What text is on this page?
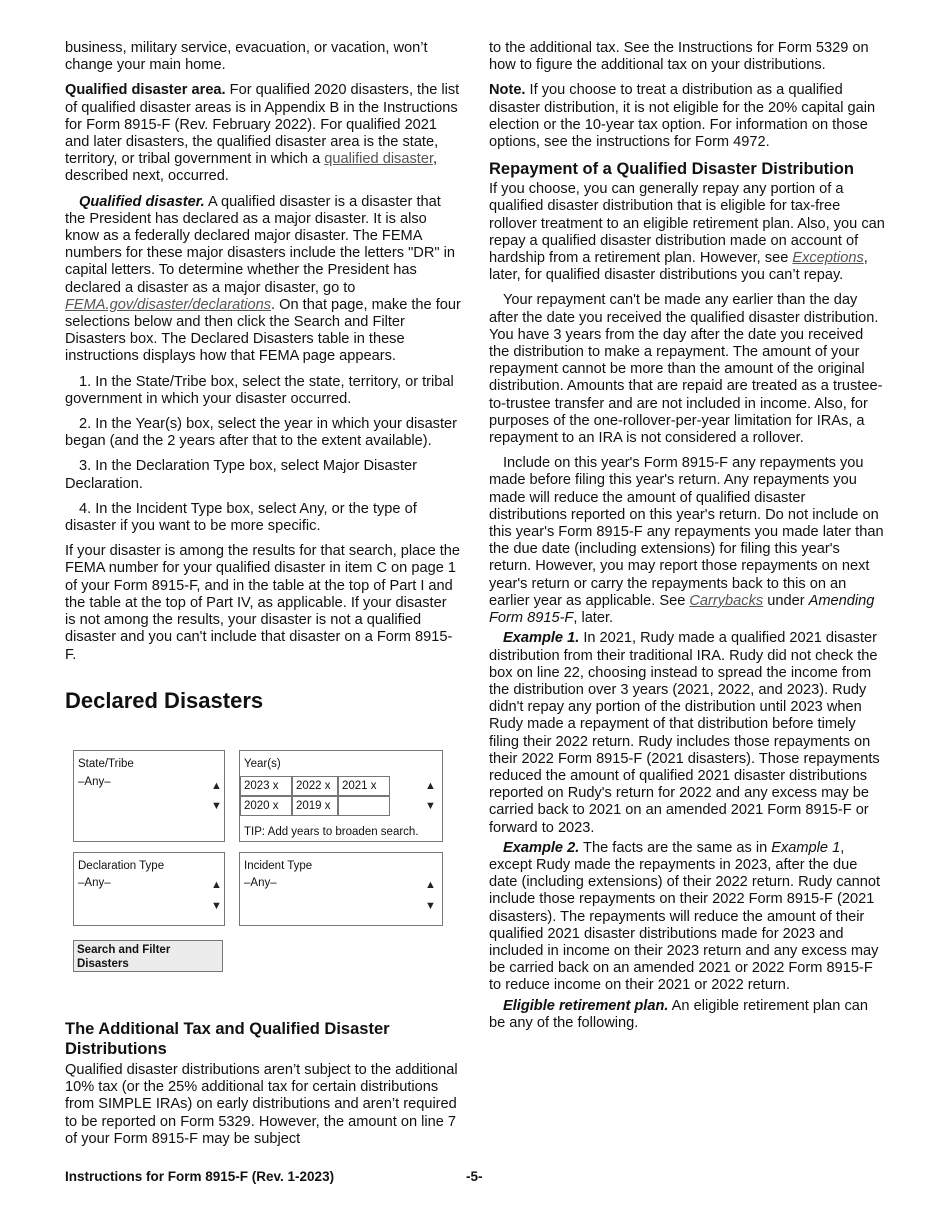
business, military service, evacuation, or vacation, won’t change your main home.

Qualified disaster area. For qualified 2020 disasters, the list of qualified disaster areas is in Appendix B in the Instructions for Form 8915-F (Rev. February 2022). For qualified 2021 and later disasters, the qualified disaster area is the state, territory, or tribal government in which a qualified disaster, described next, occurred.

Qualified disaster. A qualified disaster is a disaster that the President has declared as a major disaster. It is also know as a federally declared major disaster. The FEMA numbers for these major disasters include the letters "DR" in capital letters. To determine whether the President has declared a disaster as a major disaster, go to FEMA.gov/disaster/declarations. On that page, make the four selections below and then click the Search and Filter Disasters box. The Declared Disasters table in these instructions displays how that FEMA page appears.

1. In the State/Tribe box, select the state, territory, or tribal government in which your disaster occurred.

2. In the Year(s) box, select the year in which your disaster began (and the 2 years after that to the extent available).

3. In the Declaration Type box, select Major Disaster Declaration.

4. In the Incident Type box, select Any, or the type of disaster if you want to be more specific.

If your disaster is among the results for that search, place the FEMA number for your qualified disaster in item C on page 1 of your Form 8915-F, and in the table at the top of Part I and the table at the top of Part IV, as applicable. If your disaster is not among the results, your disaster is not a qualified disaster and you can't include that disaster on a Form 8915-F.

Declared Disasters
State/Tribe
–Any–	▲
▼
Year(s)
2023 x	2022 x 2021 x
2020 x	2019 x
▲
▼
TIP: Add years to broaden search.
Declaration Type
–Any–	▲
▼
Incident Type
–Any–	▲
▼
Search and Filter Disasters
The Additional Tax and Qualified Disaster Distributions
Qualified disaster distributions aren’t subject to the additional 10% tax (or the 25% additional tax for certain distributions from SIMPLE IRAs) on early distributions and aren’t required to be reported on Form 5329. However, the amount on line 7 of your Form 8915-F may be subject

to the additional tax. See the Instructions for Form 5329 on how to figure the additional tax on your distributions.

Note. If you choose to treat a distribution as a qualified disaster distribution, it is not eligible for the 20% capital gain election or the 10-year tax option. For information on those options, see the instructions for Form 4972.

Repayment of a Qualified Disaster Distribution

If you choose, you can generally repay any portion of a qualified disaster distribution that is eligible for tax-free rollover treatment to an eligible retirement plan. Also, you can repay a qualified disaster distribution made on account of hardship from a retirement plan. However, see Exceptions, later, for qualified disaster distributions you can’t repay.

Your repayment can't be made any earlier than the day after the date you received the qualified disaster distribution. You have 3 years from the day after the date you received the distribution to make a repayment. The amount of your repayment cannot be more than the amount of the original distribution. Amounts that are repaid are treated as a trustee-to-trustee transfer and are not included in income. Also, for purposes of the one-rollover-per-year limitation for IRAs, a repayment to an IRA is not considered a rollover.

Include on this year's Form 8915-F any repayments you made before filing this year's return. Any repayments you made will reduce the amount of qualified disaster distributions reported on this year's return. Do not include on this year's Form 8915-F any repayments you made later than the due date (including extensions) for filing this year's return. However, you may report those repayments on next year's return or carry the repayments back to this on an earlier year as applicable. See Carrybacks under Amending Form 8915-F, later.

Example 1. In 2021, Rudy made a qualified 2021 disaster distribution from their traditional IRA. Rudy did not check the box on line 22, choosing instead to spread the income from the distribution over 3 years (2021, 2022, and 2023). Rudy didn't repay any portion of the distribution until 2023 when Rudy made a repayment of that distribution before timely filing their 2022 return. Rudy includes those repayments on their 2022 Form 8915-F (2021 disasters). Those repayments reduced the amount of qualified 2021 disaster distributions reported on Rudy's return for 2022 and any excess may be carried back to 2021 on an amended 2021 Form 8915-F or forward to 2023.

Example 2. The facts are the same as in Example 1, except Rudy made the repayments in 2023, after the due date (including extensions) of their 2022 return. Rudy cannot include those repayments on their 2022 Form 8915-F (2021 disasters). The repayments will reduce the amount of their qualified 2021 disaster distributions made for 2023 and included in income on their 2023 return and any excess may be carried back on an amended 2021 or 2022 Form 8915-F to reduce income on their 2021 or 2022 return.

Eligible retirement plan. An eligible retirement plan can be any of the following.

Instructions for Form 8915-F (Rev. 1-2023)	-5-
